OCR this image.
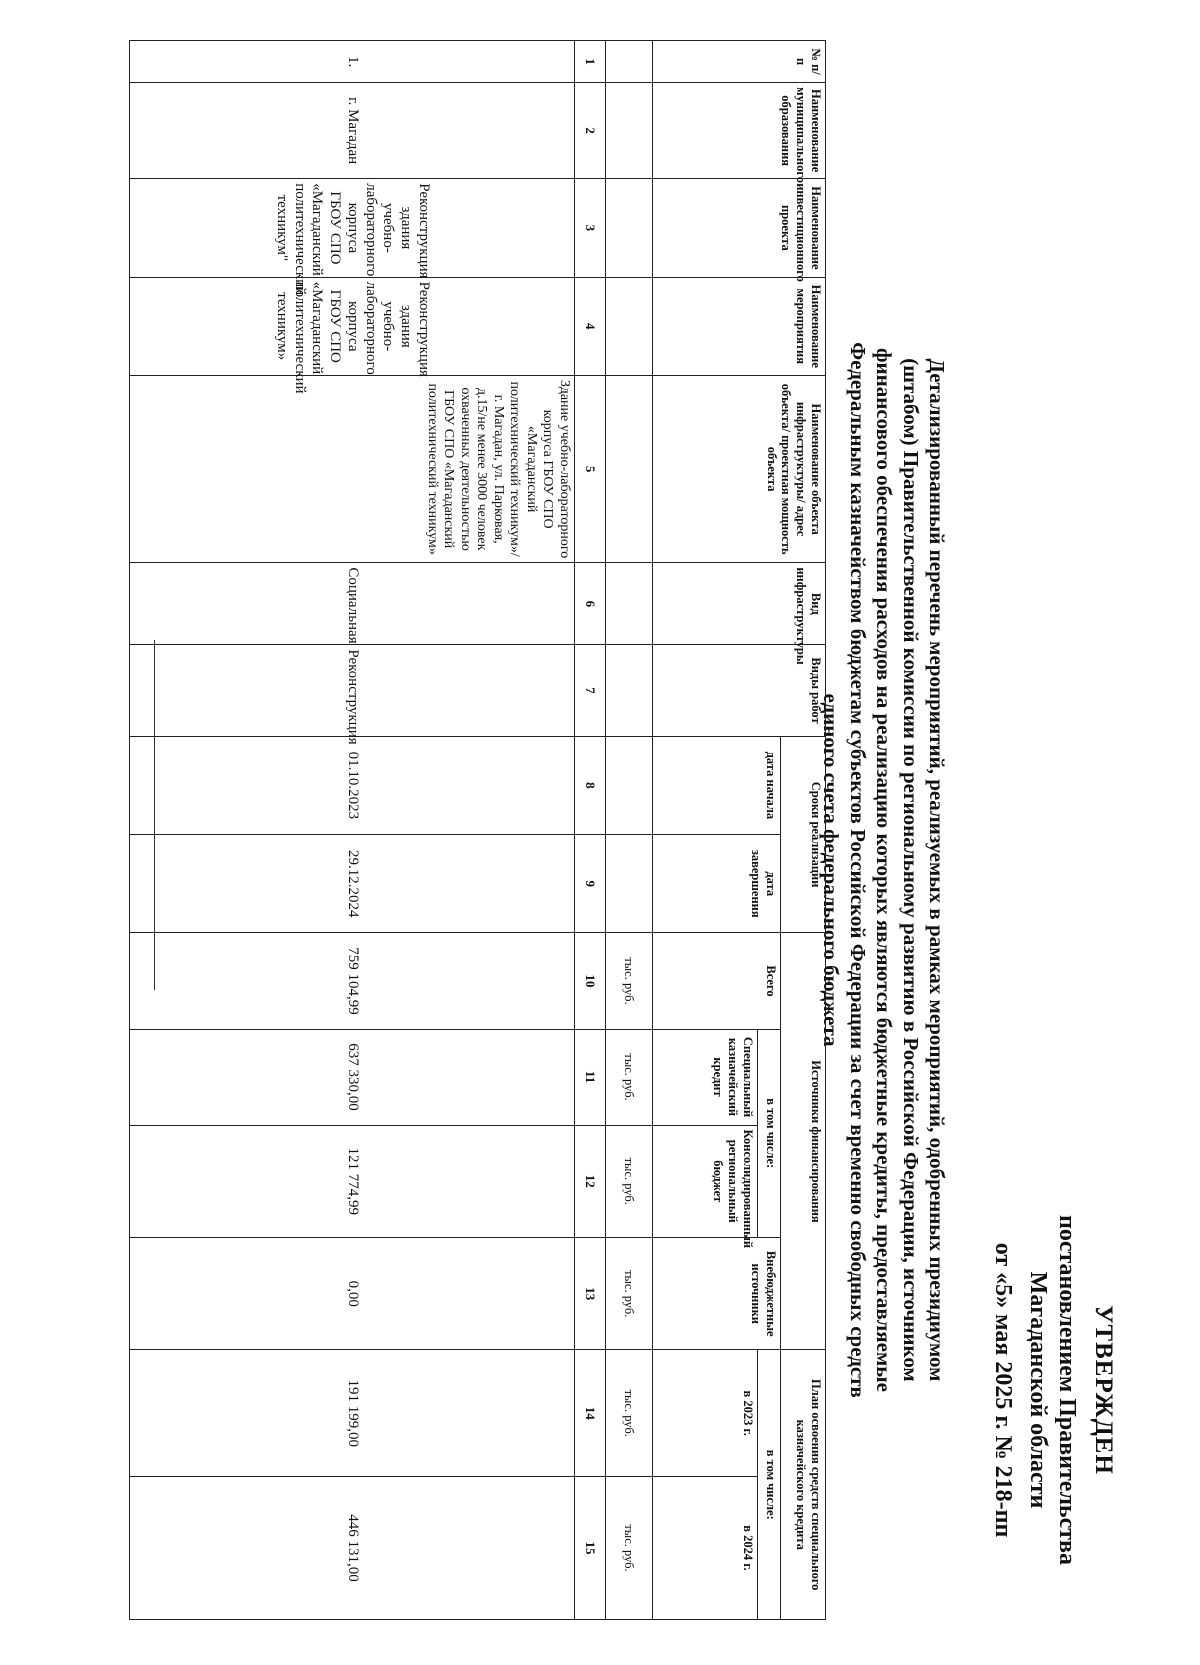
УТВЕРЖДЕН
постановлением Правительства
Магаданской области
от «5» мая 2025 г. № 218-пп
Детализированный перечень мероприятий, реализуемых в рамках мероприятий, одобренных президиумом (штабом) Правительственной комиссии по региональному развитию в Российской Федерации, источником финансового обеспечения расходов на реализацию которых являются бюджетные кредиты, предоставляемые Федеральным казначейством бюджетам субъектов Российской Федерации за счет временно свободных средств единого счета федерального бюджета
№ п/п	Наименование муниципального образования	Наименование инвестиционного проекта	Наименование мероприятия	Наименование объекта инфраструктуры/ адрес объекта/ проектная мощность объекта	Вид инфраструктуры	Виды работ	Сроки реализации		Источники финансирования				План освоения средств специального казначейского кредита	
							дата начала	дата завершения	Всего	в том числе:		Внебюджетные источники	в том числе:	
										Специальный казначейский кредит	Консолидированный региональный бюджет		в 2023 г.	в 2024 г.
									тыс. руб.	тыс. руб.	тыс. руб.	тыс. руб.	тыс. руб.	тыс. руб.
1	2	3	4	5	6	7	8	9	10	11	12	13	14	15
1.	г. Магадан	Реконструкция здания учебно-лабораторного корпуса ГБОУ СПО «Магаданский политехнический техникум"	Реконструкция здания учебно-лабораторного корпуса ГБОУ СПО «Магаданский политехнический техникум»	Здание учебно-лабораторного корпуса ГБОУ СПО «Магаданский политехнический техникум»/г. Магадан, ул. Парковая, д.15/не менее 3000 человек охваченных деятельностью ГБОУ СПО «Магаданский политехнический техникум»	Социальная	Реконструкция	01.10.2023	29.12.2024	759 104,99	637 330,00	121 774,99	0,00	191 199,00	446 131,00
